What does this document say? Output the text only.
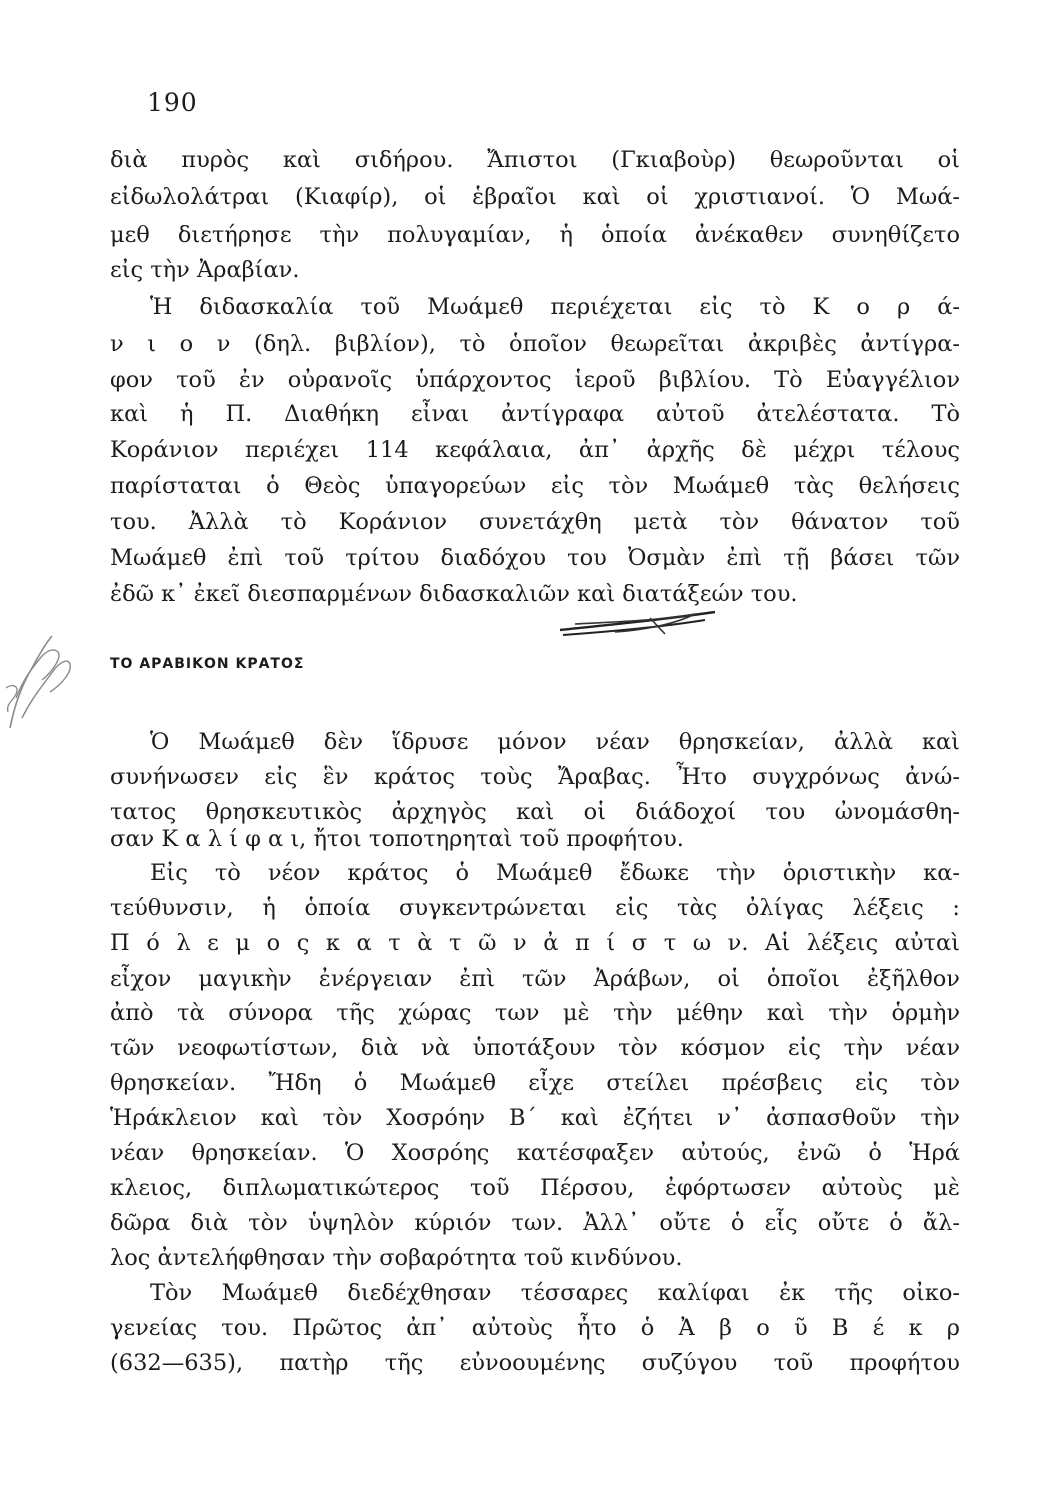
190
διὰ πυρὸς καὶ σιδήρου. Ἄπιστοι (Γκιαβοὺρ) θεωροῦνται οἱ
εἰδωλολάτραι (Κιαφίρ), οἱ ἑβραῖοι καὶ οἱ χριστιανοί. Ὁ Μωά-
μεθ διετήρησε τὴν πολυγαμίαν, ἡ ὁποία ἀνέκαθεν συνηθίζετο
εἰς τὴν Ἀραβίαν.
Ἡ διδασκαλία τοῦ Μωάμεθ περιέχεται εἰς τὸ Κ ο ρ ά-
ν ι ο ν (δηλ. βιβλίον), τὸ ὁποῖον θεωρεῖται ἀκριβὲς ἀντίγρα-
φον τοῦ ἐν οὐρανοῖς ὑπάρχοντος ἱεροῦ βιβλίου. Τὸ Εὐαγγέλιον
καὶ ἡ Π. Διαθήκη εἶναι ἀντίγραφα αὐτοῦ ἀτελέστατα. Τὸ
Κοράνιον περιέχει 114 κεφάλαια, ἀπ᾽ ἀρχῆς δὲ μέχρι τέλους
παρίσταται ὁ Θεὸς ὑπαγορεύων εἰς τὸν Μωάμεθ τὰς θελήσεις
του. Ἀλλὰ τὸ Κοράνιον συνετάχθη μετὰ τὸν θάνατον τοῦ
Μωάμεθ ἐπὶ τοῦ τρίτου διαδόχου του Ὀσμὰν ἐπὶ τῇ βάσει τῶν
ἐδῶ κ᾽ ἐκεῖ διεσπαρμένων διδασκαλιῶν καὶ διατάξεών του.
ΤΟ ΑΡΑΒΙΚΟΝ ΚΡΑΤΟΣ
Ὁ Μωάμεθ δὲν ἵδρυσε μόνον νέαν θρησκείαν, ἀλλὰ καὶ
συνήνωσεν εἰς ἓν κράτος τοὺς Ἄραβας. Ἦτο συγχρόνως ἀνώ-
τατος θρησκευτικὸς ἀρχηγὸς καὶ οἱ διάδοχοί του ὠνομάσθη-
σαν Κ α λ ί φ α ι, ἤτοι τοποτηρηταὶ τοῦ προφήτου.
Εἰς τὸ νέον κράτος ὁ Μωάμεθ ἔδωκε τὴν ὁριστικὴν κα-
τεύθυνσιν, ἡ ὁποία συγκεντρώνεται εἰς τὰς ὀλίγας λέξεις :
Π ό λ ε μ ο ς κ α τ ὰ τ ῶ ν ἀ π ί σ τ ω ν. Αἱ λέξεις αὐταὶ
εἶχον μαγικὴν ἐνέργειαν ἐπὶ τῶν Ἀράβων, οἱ ὁποῖοι ἐξῆλθον
ἀπὸ τὰ σύνορα τῆς χώρας των μὲ τὴν μέθην καὶ τὴν ὁρμὴν
τῶν νεοφωτίστων, διὰ νὰ ὑποτάξουν τὸν κόσμον εἰς τὴν νέαν
θρησκείαν. Ἤδη ὁ Μωάμεθ εἶχε στείλει πρέσβεις εἰς τὸν
Ἡράκλειον καὶ τὸν Χοσρόην Β´ καὶ ἐζήτει ν᾽ ἀσπασθοῦν τὴν
νέαν θρησκείαν. Ὁ Χοσρόης κατέσφαξεν αὐτούς, ἐνῶ ὁ Ἡρά
κλειος, διπλωματικώτερος τοῦ Πέρσου, ἐφόρτωσεν αὐτοὺς μὲ
δῶρα διὰ τὸν ὑψηλὸν κύριόν των. Ἀλλ᾽ οὔτε ὁ εἷς οὔτε ὁ ἄλ-
λος ἀντελήφθησαν τὴν σοβαρότητα τοῦ κινδύνου.
Τὸν Μωάμεθ διεδέχθησαν τέσσαρες καλίφαι ἐκ τῆς οἰκο-
γενείας του. Πρῶτος ἀπ᾽ αὐτοὺς ἦτο ὁ Ἀ β ο ῦ Β έ κ ρ
(632—635), πατὴρ τῆς εὐνοουμένης συζύγου τοῦ προφήτου
